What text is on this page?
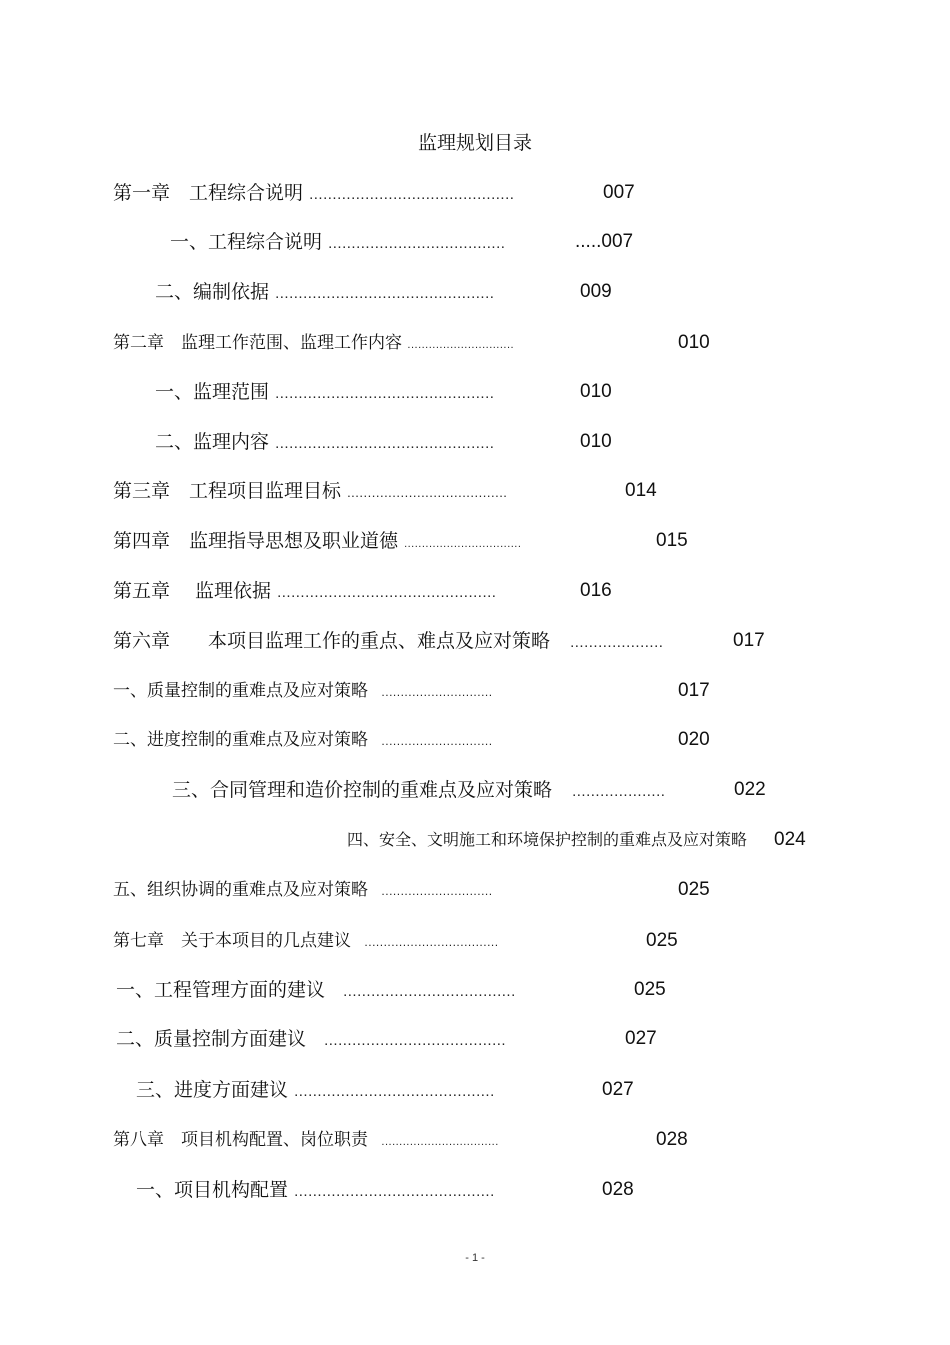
监理规划目录
第一章　工程综合说明 ............................................	007
一、工程综合说明 ......................................	.....007
二、编制依据 ...............................................	009
第二章　监理工作范围、监理工作内容 ..............................	010
一、监理范围 ...............................................	010
二、监理内容 ...............................................	010
第三章　工程项目监理目标 .......................................	014
第四章　监理指导思想及职业道德 .................................	015
第五章　 监理依据 ...............................................	016
第六章　　本项目监理工作的重点、难点及应对策略 ....................	017
一、质量控制的重难点及应对策略 .............................	017
二、进度控制的重难点及应对策略 .............................	020
三、合同管理和造价控制的重难点及应对策略 ....................	022
四、安全、文明施工和环境保护控制的重难点及应对策略 024
五、组织协调的重难点及应对策略 .............................	025
第七章　关于本项目的几点建议 ...................................	025
一、工程管理方面的建议 .....................................	025
二、质量控制方面建议 .......................................	027
三、进度方面建议 ...........................................	027
第八章　项目机构配置、岗位职责 .................................	028
一、项目机构配置 ...........................................	028
- 1 -
